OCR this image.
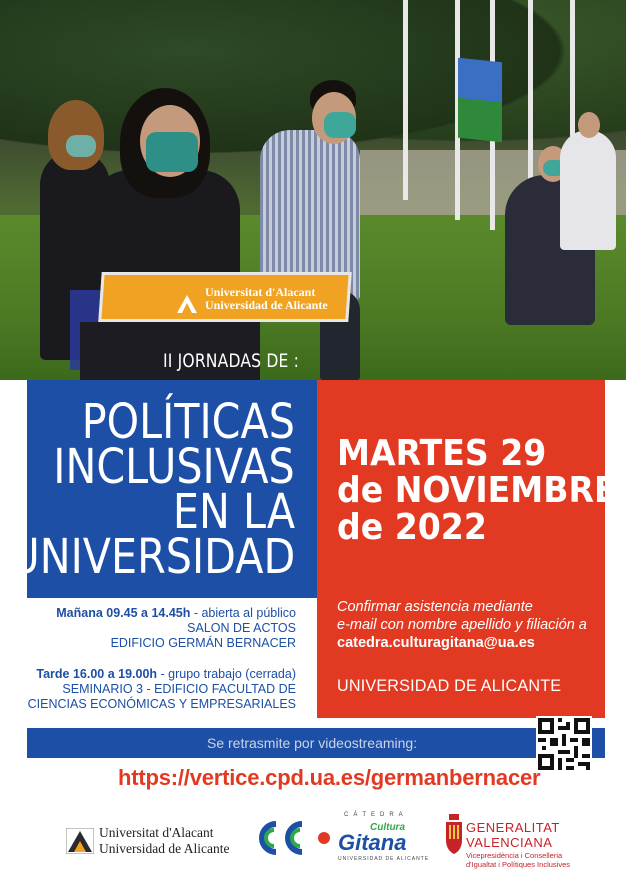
Universitat d'Alacant
Universidad de Alicante
II JORNADAS DE :
POLÍTICAS
INCLUSIVAS
EN LA
UNIVERSIDAD
MARTES 29
de NOVIEMBRE
de 2022
Confirmar asistencia mediante
e-mail con nombre apellido y filiación a
catedra.culturagitana@ua.es
UNIVERSIDAD DE ALICANTE
Mañana 09.45 a 14.45h - abierta al público
SALON DE ACTOS
EDIFICIO GERMÁN BERNACER
Tarde 16.00 a 19.00h - grupo trabajo (cerrada)
SEMINARIO 3 - EDIFICIO FACULTAD DE
CIENCIAS ECONÓMICAS Y EMPRESARIALES
Se retrasmite por videostreaming:
https://vertice.cpd.ua.es/germanbernacer
Universitat d'Alacant
Universidad de Alicante
CÁTEDRA
Cultura
Gitana
UNIVERSIDAD DE ALICANTE
GENERALITAT
VALENCIANA
Vicepresidència i Conselleria
d'Igualtat i Polítiques Inclusives
